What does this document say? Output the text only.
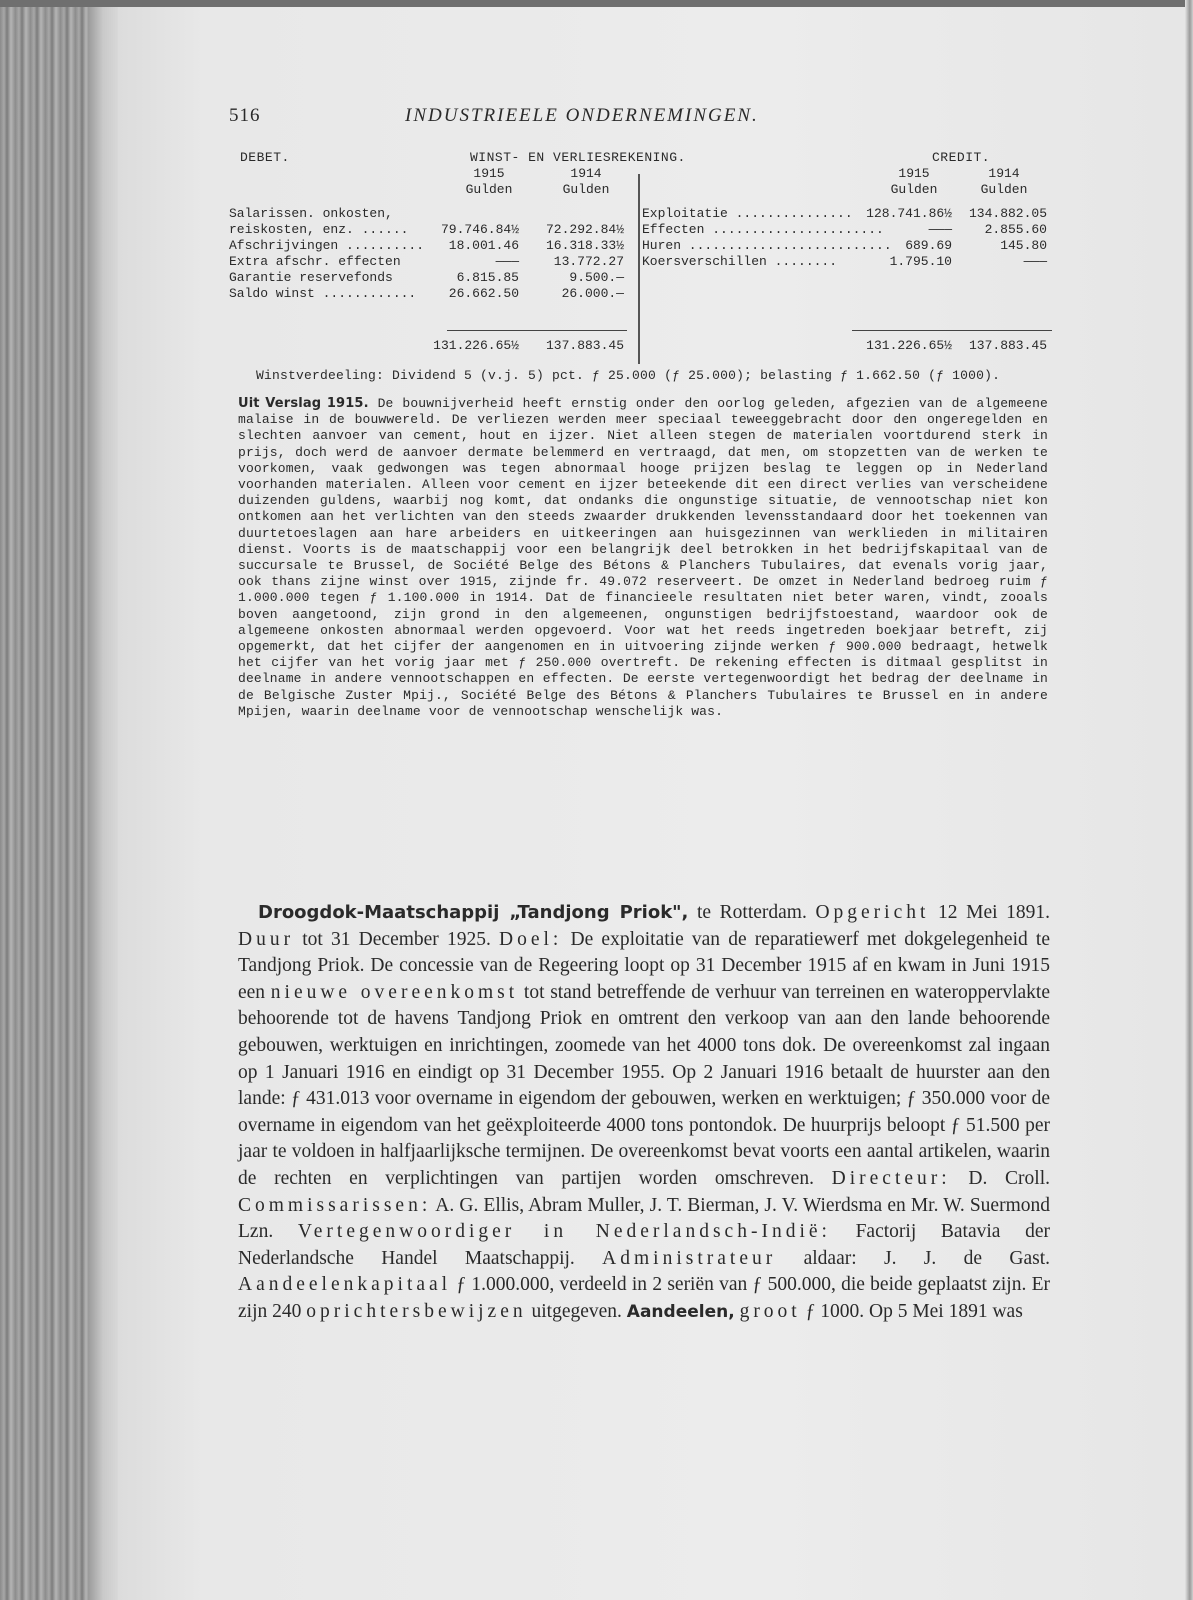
516	INDUSTRIEELE ONDERNEMINGEN.
DEBET.	WINST- EN VERLIESREKENING.	CREDIT.
1915
Gulden
1914
Gulden
1915
Gulden
1914
Gulden
Salarissen. onkosten,
reiskosten, enz. ......	79.746.84½	72.292.84½
Afschrijvingen ..........	18.001.46	16.318.33½
Extra afschr. effecten	———	13.772.27
Garantie reservefonds	6.815.85	9.500.—
Saldo winst ............	26.662.50	26.000.—
131.226.65½	137.883.45
Exploitatie ...............	128.741.86½	134.882.05
Effecten ......................	———	2.855.60
Huren ..........................	689.69	145.80
Koersverschillen ........	1.795.10	———
131.226.65½	137.883.45
Winstverdeeling: Dividend 5 (v.j. 5) pct. ƒ 25.000 (ƒ 25.000); belasting ƒ 1.662.50 (ƒ 1000).
Uit Verslag 1915. De bouwnijverheid heeft ernstig onder den oorlog geleden, afgezien van de algemeene malaise in de bouwwereld. De verliezen werden meer speciaal teweeggebracht door den ongeregelden en slechten aanvoer van cement, hout en ijzer. Niet alleen stegen de materialen voortdurend sterk in prijs, doch werd de aanvoer dermate belemmerd en vertraagd, dat men, om stopzetten van de werken te voorkomen, vaak gedwongen was tegen abnormaal hooge prijzen beslag te leggen op in Nederland voorhanden materialen. Alleen voor cement en ijzer beteekende dit een direct verlies van verscheidene duizenden guldens, waarbij nog komt, dat ondanks die ongunstige situatie, de vennootschap niet kon ontkomen aan het verlichten van den steeds zwaarder drukkenden levensstandaard door het toekennen van duurtetoeslagen aan hare arbeiders en uitkeeringen aan huisgezinnen van werklieden in militairen dienst. Voorts is de maatschappij voor een belangrijk deel betrokken in het bedrijfskapitaal van de succursale te Brussel, de Société Belge des Bétons & Planchers Tubulaires, dat evenals vorig jaar, ook thans zijne winst over 1915, zijnde fr. 49.072 reserveert. De omzet in Nederland bedroeg ruim ƒ 1.000.000 tegen ƒ 1.100.000 in 1914. Dat de financieele resultaten niet beter waren, vindt, zooals boven aangetoond, zijn grond in den algemeenen, ongunstigen bedrijfstoestand, waardoor ook de algemeene onkosten abnormaal werden opgevoerd. Voor wat het reeds ingetreden boekjaar betreft, zij opgemerkt, dat het cijfer der aangenomen en in uitvoering zijnde werken ƒ 900.000 bedraagt, hetwelk het cijfer van het vorig jaar met ƒ 250.000 overtreft. De rekening effecten is ditmaal gesplitst in deelname in andere vennootschappen en effecten. De eerste vertegenwoordigt het bedrag der deelname in de Belgische Zuster Mpij., Société Belge des Bétons & Planchers Tubulaires te Brussel en in andere Mpijen, waarin deelname voor de vennootschap wenschelijk was.

Droogdok-Maatschappij „Tandjong Priok", te Rotterdam. Opgericht 12 Mei 1891. Duur tot 31 December 1925. Doel: De exploitatie van de reparatiewerf met dokgelegenheid te Tandjong Priok. De concessie van de Regeering loopt op 31 December 1915 af en kwam in Juni 1915 een nieuwe overeenkomst tot stand betreffende de verhuur van terreinen en wateroppervlakte behoorende tot de havens Tandjong Priok en omtrent den verkoop van aan den lande behoorende gebouwen, werktuigen en inrichtingen, zoomede van het 4000 tons dok. De overeenkomst zal ingaan op 1 Januari 1916 en eindigt op 31 December 1955. Op 2 Januari 1916 betaalt de huurster aan den lande: ƒ 431.013 voor overname in eigendom der gebouwen, werken en werktuigen; ƒ 350.000 voor de overname in eigendom van het geëxploiteerde 4000 tons pontondok. De huurprijs beloopt ƒ 51.500 per jaar te voldoen in halfjaarlijksche termijnen. De overeenkomst bevat voorts een aantal artikelen, waarin de rechten en verplichtingen van partijen worden omschreven. Directeur: D. Croll. Commissarissen: A. G. Ellis, Abram Muller, J. T. Bierman, J. V. Wierdsma en Mr. W. Suermond Lzn. Vertegenwoordiger in Nederlandsch-Indië: Factorij Batavia der Nederlandsche Handel Maatschappij. Administrateur aldaar: J. J. de Gast. Aandeelenkapitaal ƒ 1.000.000, verdeeld in 2 seriën van ƒ 500.000, die beide geplaatst zijn. Er zijn 240 oprichtersbewijzen uitgegeven. Aandeelen, groot ƒ 1000. Op 5 Mei 1891 was
